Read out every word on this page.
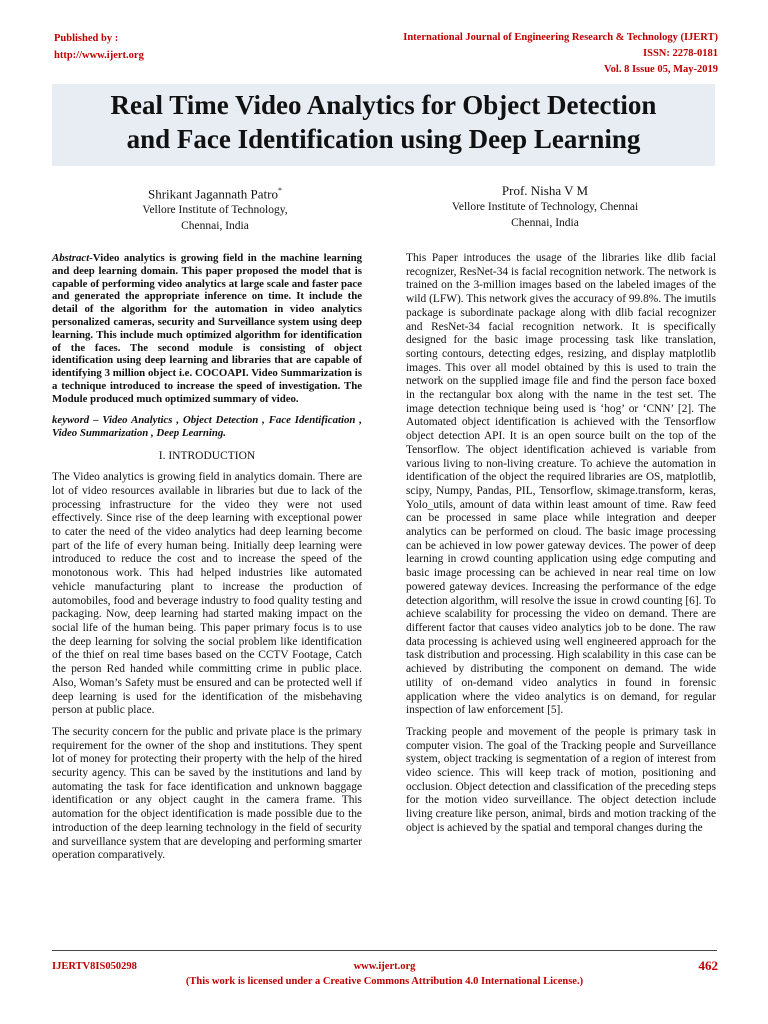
Published by :
http://www.ijert.org
International Journal of Engineering Research & Technology (IJERT)
ISSN: 2278-0181
Vol. 8 Issue 05, May-2019
Real Time Video Analytics for Object Detection
and Face Identification using Deep Learning
Shrikant Jagannath Patro*
Vellore Institute of Technology,
Chennai, India
Prof. Nisha V M
Vellore Institute of Technology, Chennai
Chennai, India

Abstract-Video analytics is growing field in the machine learning and deep learning domain. This paper proposed the model that is capable of performing video analytics at large scale and faster pace and generated the appropriate inference on time. It include the detail of the algorithm for the automation in video analytics personalized cameras, security and Surveillance system using deep learning. This include much optimized algorithm for identification of the faces. The second module is consisting of object identification using deep learning and libraries that are capable of identifying 3 million object i.e. COCOAPI. Video Summarization is a technique introduced to increase the speed of investigation. The Module produced much optimized summary of video.

keyword – Video Analytics , Object Detection , Face Identification , Video Summarization , Deep Learning.

I. INTRODUCTION

The Video analytics is growing field in analytics domain. There are lot of video resources available in libraries but due to lack of the processing infrastructure for the video they were not used effectively. Since rise of the deep learning with exceptional power to cater the need of the video analytics had deep learning become part of the life of every human being. Initially deep learning were introduced to reduce the cost and to increase the speed of the monotonous work. This had helped industries like automated vehicle manufacturing plant to increase the production of automobiles, food and beverage industry to food quality testing and packaging. Now, deep learning had started making impact on the social life of the human being. This paper primary focus is to use the deep learning for solving the social problem like identification of the thief on real time bases based on the CCTV Footage, Catch the person Red handed while committing crime in public place. Also, Woman’s Safety must be ensured and can be protected well if deep learning is used for the identification of the misbehaving person at public place.

The security concern for the public and private place is the primary requirement for the owner of the shop and institutions. They spent lot of money for protecting their property with the help of the hired security agency. This can be saved by the institutions and land by automating the task for face identification and unknown baggage identification or any object caught in the camera frame. This automation for the object identification is made possible due to the introduction of the deep learning technology in the field of security and surveillance system that are developing and performing smarter operation comparatively.

This Paper introduces the usage of the libraries like dlib facial recognizer, ResNet-34 is facial recognition network. The network is trained on the 3-million images based on the labeled images of the wild (LFW). This network gives the accuracy of 99.8%. The imutils package is subordinate package along with dlib facial recognizer and ResNet-34 facial recognition network. It is specifically designed for the basic image processing task like translation, sorting contours, detecting edges, resizing, and display matplotlib images. This over all model obtained by this is used to train the network on the supplied image file and find the person face boxed in the rectangular box along with the name in the test set. The image detection technique being used is ‘hog’ or ‘CNN’ [2]. The Automated object identification is achieved with the Tensorflow object detection API. It is an open source built on the top of the Tensorflow. The object identification achieved is variable from various living to non-living creature. To achieve the automation in identification of the object the required libraries are OS, matplotlib, scipy, Numpy, Pandas, PIL, Tensorflow, skimage.transform, keras, Yolo_utils, amount of data within least amount of time. Raw feed can be processed in same place while integration and deeper analytics can be performed on cloud. The basic image processing can be achieved in low power gateway devices. The power of deep learning in crowd counting application using edge computing and basic image processing can be achieved in near real time on low powered gateway devices. Increasing the performance of the edge detection algorithm, will resolve the issue in crowd counting [6]. To achieve scalability for processing the video on demand. There are different factor that causes video analytics job to be done. The raw data processing is achieved using well engineered approach for the task distribution and processing. High scalability in this case can be achieved by distributing the component on demand. The wide utility of on-demand video analytics in found in forensic application where the video analytics is on demand, for regular inspection of law enforcement [5].

Tracking people and movement of the people is primary task in computer vision. The goal of the Tracking people and Surveillance system, object tracking is segmentation of a region of interest from video science. This will keep track of motion, positioning and occlusion. Object detection and classification of the preceding steps for the motion video surveillance. The object detection include living creature like person, animal, birds and motion tracking of the object is achieved by the spatial and temporal changes during the

IJERTV8IS050298	www.ijert.org
(This work is licensed under a Creative Commons Attribution 4.0 International License.)
462
